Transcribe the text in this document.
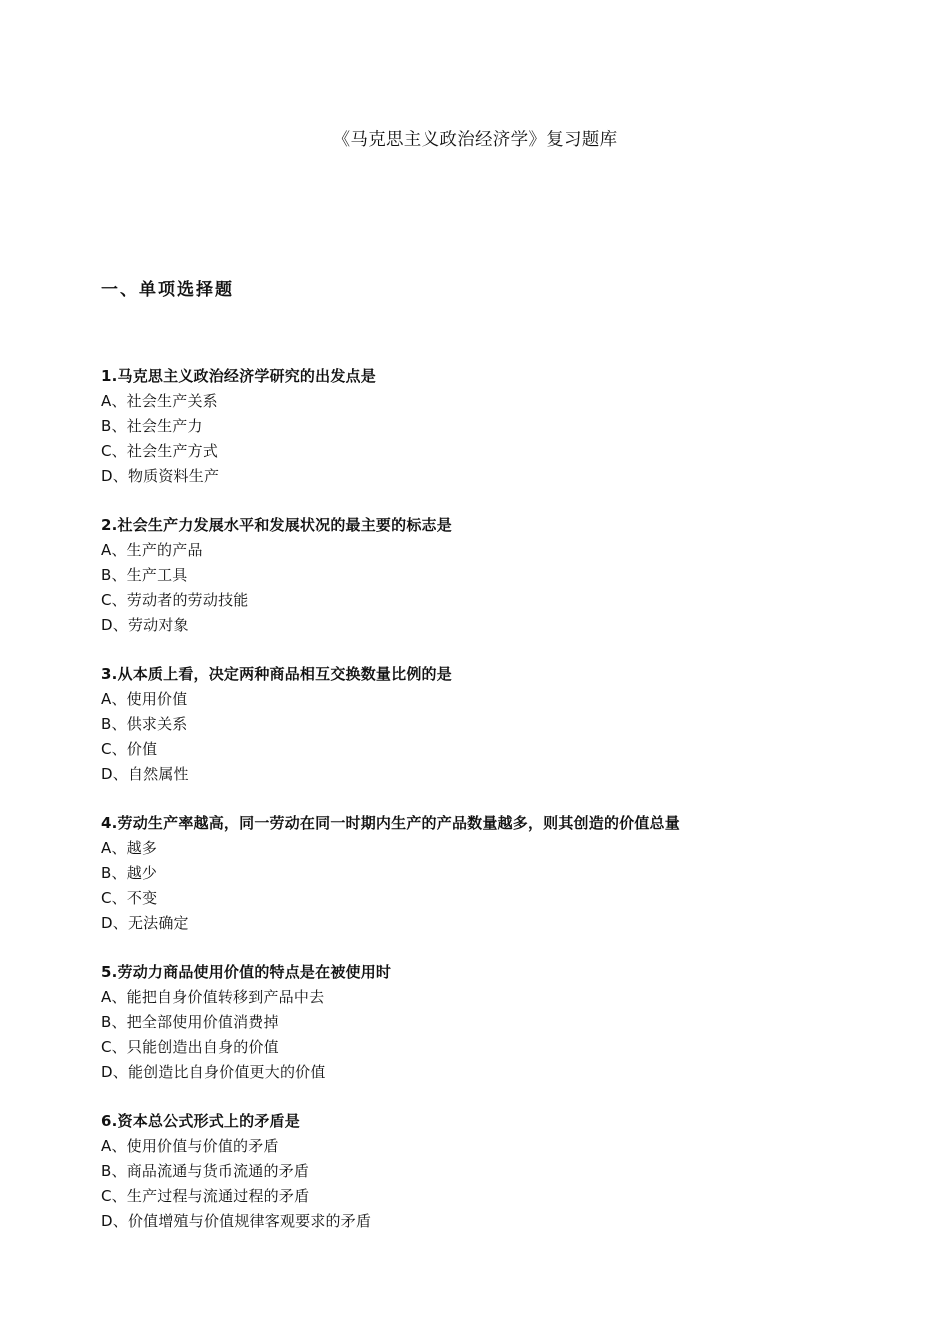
《马克思主义政治经济学》复习题库
一、单项选择题
1.马克思主义政治经济学研究的出发点是
A、社会生产关系
B、社会生产力
C、社会生产方式
D、物质资料生产
2.社会生产力发展水平和发展状况的最主要的标志是
A、生产的产品
B、生产工具
C、劳动者的劳动技能
D、劳动对象
3.从本质上看，决定两种商品相互交换数量比例的是
A、使用价值
B、供求关系
C、价值
D、自然属性
4.劳动生产率越高，同一劳动在同一时期内生产的产品数量越多，则其创造的价值总量
A、越多
B、越少
C、不变
D、无法确定
5.劳动力商品使用价值的特点是在被使用时
A、能把自身价值转移到产品中去
B、把全部使用价值消费掉
C、只能创造出自身的价值
D、能创造比自身价值更大的价值
6.资本总公式形式上的矛盾是
A、使用价值与价值的矛盾
B、商品流通与货币流通的矛盾
C、生产过程与流通过程的矛盾
D、价值增殖与价值规律客观要求的矛盾
